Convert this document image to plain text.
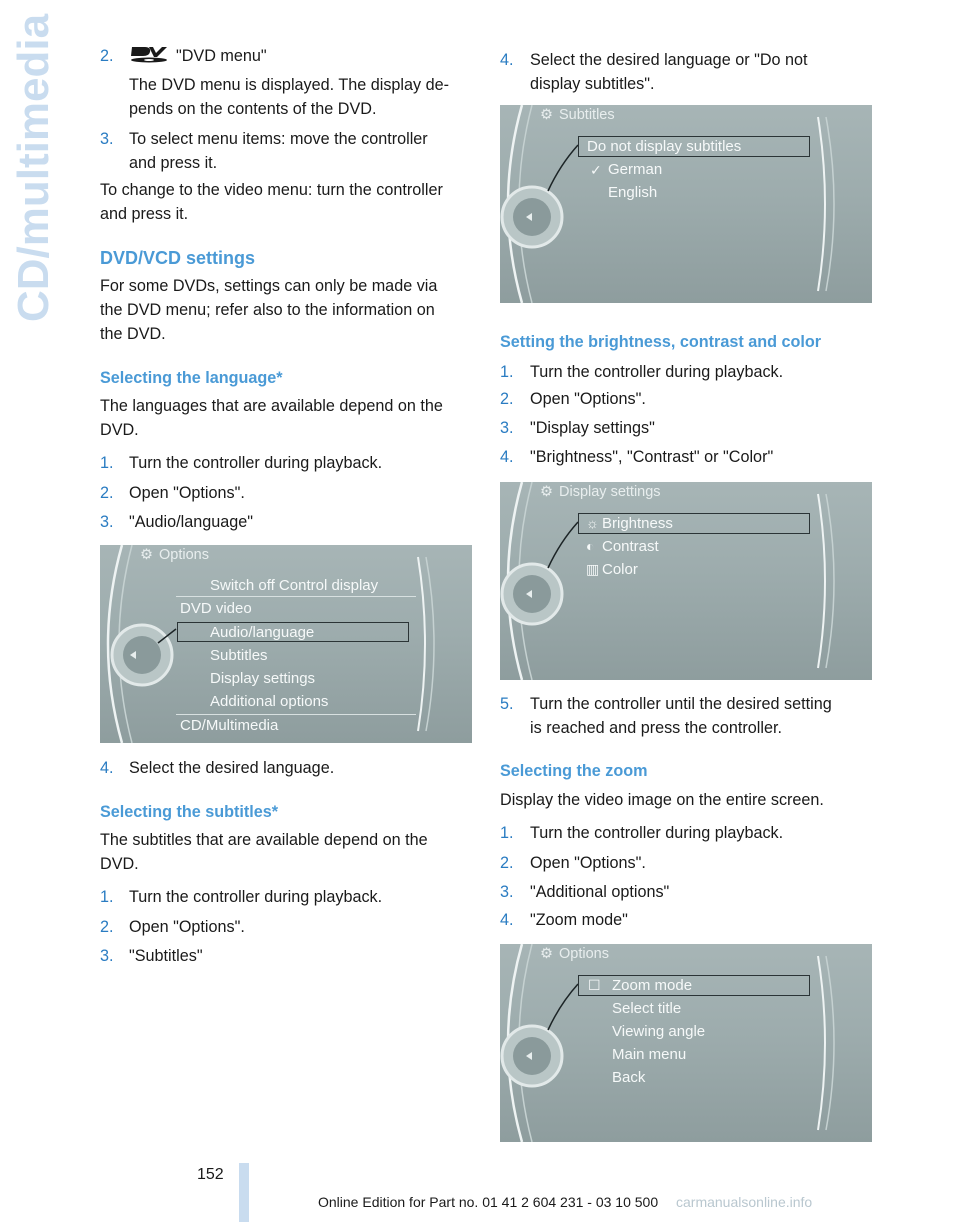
CD/multimedia	2.	"DVD menu"
The DVD menu is displayed. The display de‐
pends on the contents of the DVD.
3. To select menu items: move the controller
and press it.
To change to the video menu: turn the controller
and press it.
DVD/VCD settings
For some DVDs, settings can only be made via
the DVD menu; refer also to the information on
the DVD.
Selecting the language*
The languages that are available depend on the
DVD.
1. Turn the controller during playback.
2. Open "Options".
3. "Audio/language"
⚙ Options
Switch off Control display
DVD video
Audio/language
Subtitles
Display settings
Additional options
CD/Multimedia
4. Select the desired language.
Selecting the subtitles*
The subtitles that are available depend on the
DVD.
1. Turn the controller during playback.
2. Open "Options".
3. "Subtitles"
4. Select the desired language or "Do not
display subtitles".
⚙ Subtitles
Do not display subtitles
✓ German
English
Setting the brightness, contrast and color
1. Turn the controller during playback.
2. Open "Options".
3. "Display settings"
4. "Brightness", "Contrast" or "Color"
⚙ Display settings
☼ Brightness
◐ Contrast
▥ Color
5. Turn the controller until the desired setting
is reached and press the controller.
Selecting the zoom
Display the video image on the entire screen.
1. Turn the controller during playback.
2. Open "Options".
3. "Additional options"
4. "Zoom mode"
⚙ Options
☐ Zoom mode
Select title
Viewing angle
Main menu
Back
152
Online Edition for Part no. 01 41 2 604 231 - 03 10 500 carmanualsonline.info
